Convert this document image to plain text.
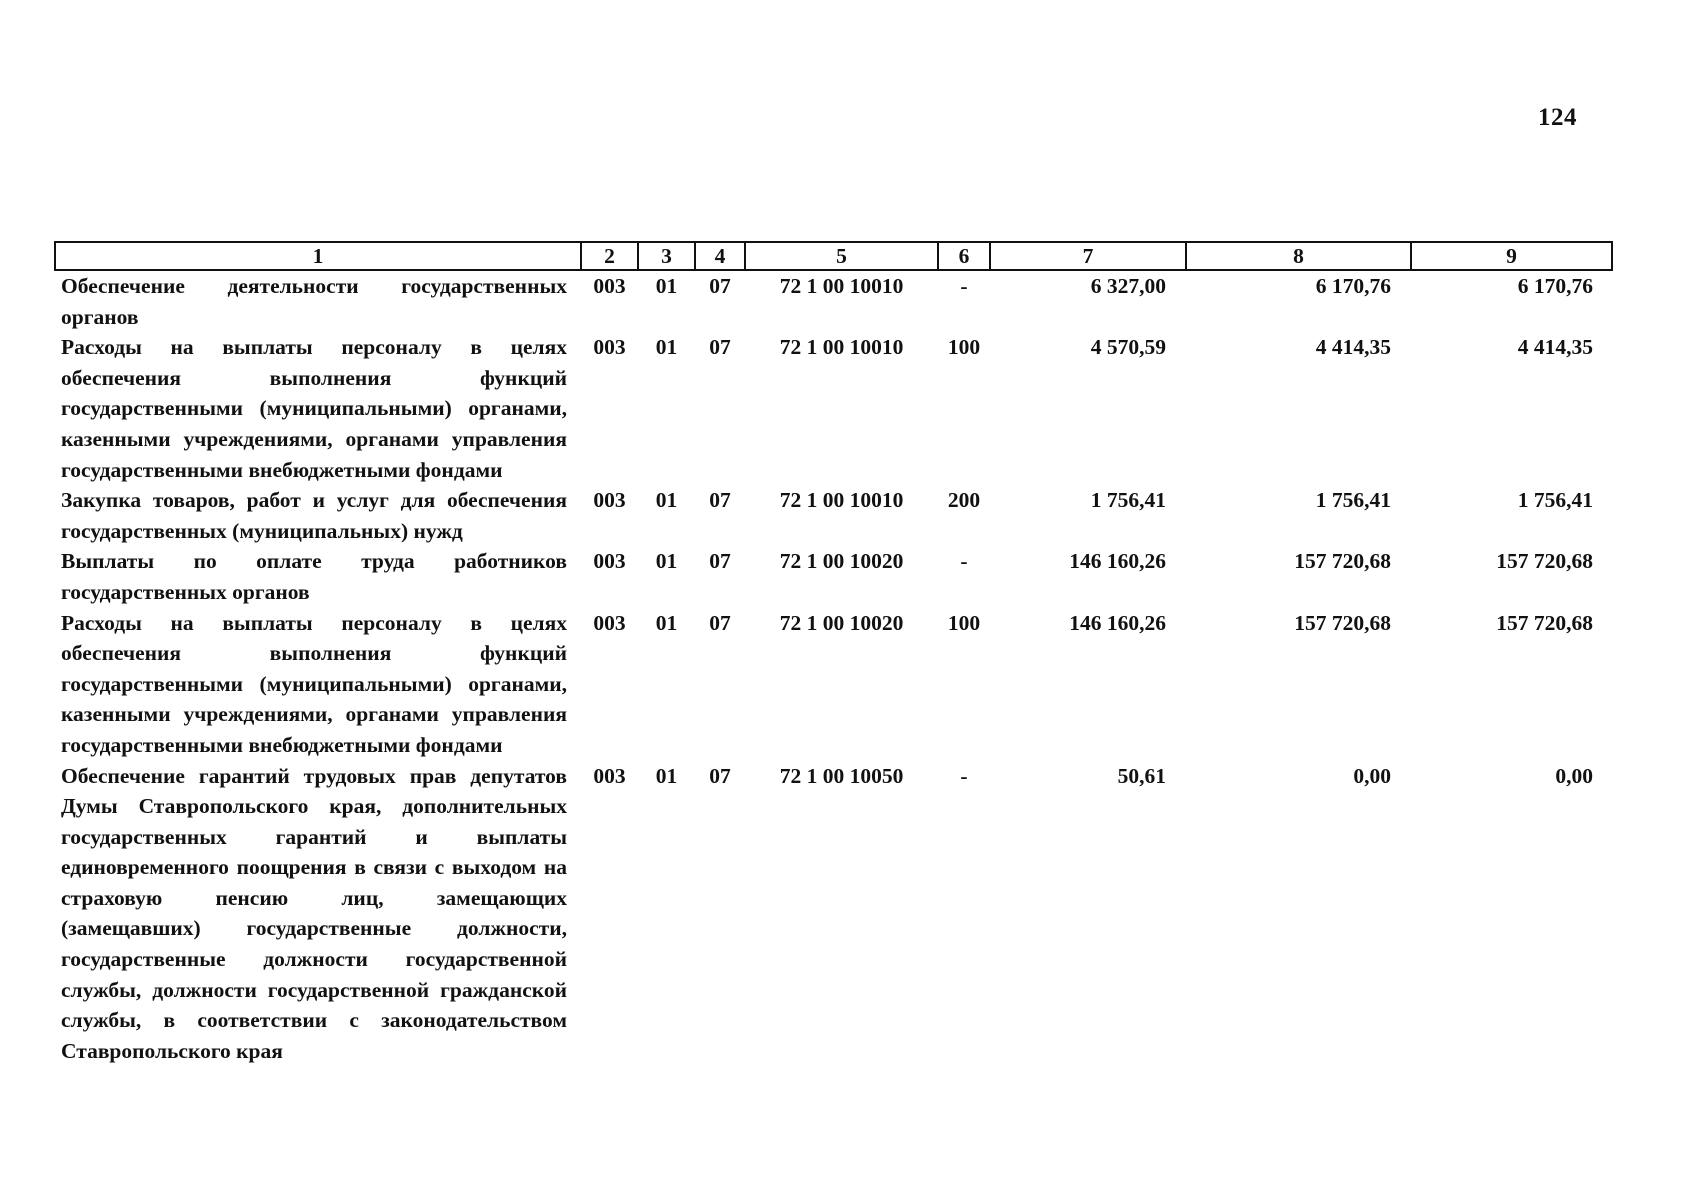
124
1	2	3	4	5	6	7	8	9
Обеспечение деятельности государственных органов	003	01	07	72 1 00 10010	-	6 327,00	6 170,76	6 170,76
Расходы на выплаты персоналу в целях обеспечения выполнения функций государственными (муниципальными) органами, казенными учреждениями, органами управления государственными внебюджетными фондами	003	01	07	72 1 00 10010	100	4 570,59	4 414,35	4 414,35
Закупка товаров, работ и услуг для обеспечения государственных (муниципальных) нужд	003	01	07	72 1 00 10010	200	1 756,41	1 756,41	1 756,41
Выплаты по оплате труда работников государственных органов	003	01	07	72 1 00 10020	-	146 160,26	157 720,68	157 720,68
Расходы на выплаты персоналу в целях обеспечения выполнения функций государственными (муниципальными) органами, казенными учреждениями, органами управления государственными внебюджетными фондами	003	01	07	72 1 00 10020	100	146 160,26	157 720,68	157 720,68
Обеспечение гарантий трудовых прав депутатов Думы Ставропольского края, дополнительных государственных гарантий и выплаты единовременного поощрения в связи с выходом на страховую пенсию лиц, замещающих (замещавших) государственные должности, государственные должности государственной службы, должности государственной гражданской службы, в соответствии с законодательством Ставропольского края	003	01	07	72 1 00 10050	-	50,61	0,00	0,00
